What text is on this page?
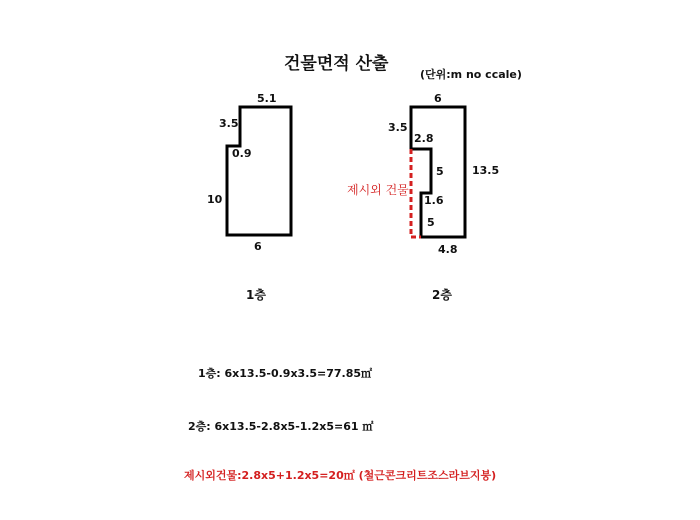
건물면적 산출
(단위:m no ccale)
5.1
3.5
0.9
10
6
1층
6
3.5
2.8
5	13.5
1.6
5
4.8
2층
제시외 건물
1층: 6x13.5-0.9x3.5=77.85㎡
2층: 6x13.5-2.8x5-1.2x5=61 ㎡
제시외건물:2.8x5+1.2x5=20㎡ (철근콘크리트조스라브지붕)
